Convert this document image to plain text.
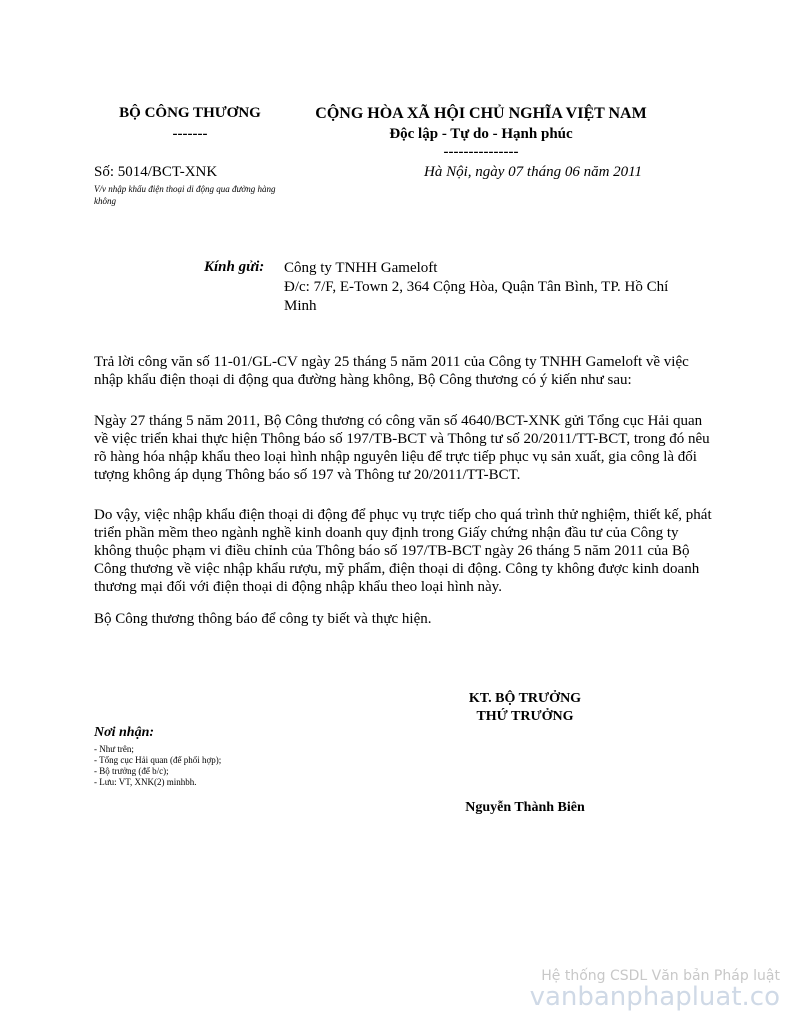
BỘ CÔNG THƯƠNG
-------
CỘNG HÒA XÃ HỘI CHỦ NGHĨA VIỆT NAM
Độc lập - Tự do - Hạnh phúc
---------------
Số: 5014/BCT-XNK
V/v nhập khẩu điện thoại di động qua đường hàng không
Hà Nội, ngày 07 tháng 06 năm 2011
Kính gửi: Công ty TNHH Gameloft
Đ/c: 7/F, E-Town 2, 364 Cộng Hòa, Quận Tân Bình, TP. Hồ Chí Minh
Trả lời công văn số 11-01/GL-CV ngày 25 tháng 5 năm 2011 của Công ty TNHH Gameloft về việc nhập khẩu điện thoại di động qua đường hàng không, Bộ Công thương có ý kiến như sau:
Ngày 27 tháng 5 năm 2011, Bộ Công thương có công văn số 4640/BCT-XNK gửi Tổng cục Hải quan về việc triển khai thực hiện Thông báo số 197/TB-BCT và Thông tư số 20/2011/TT-BCT, trong đó nêu rõ hàng hóa nhập khẩu theo loại hình nhập nguyên liệu để trực tiếp phục vụ sản xuất, gia công là đối tượng không áp dụng Thông báo số 197 và Thông tư 20/2011/TT-BCT.
Do vậy, việc nhập khẩu điện thoại di động để phục vụ trực tiếp cho quá trình thử nghiệm, thiết kế, phát triển phần mềm theo ngành nghề kinh doanh quy định trong Giấy chứng nhận đầu tư của Công ty không thuộc phạm vi điều chỉnh của Thông báo số 197/TB-BCT ngày 26 tháng 5 năm 2011 của Bộ Công thương về việc nhập khẩu rượu, mỹ phẩm, điện thoại di động. Công ty không được kinh doanh thương mại đối với điện thoại di động nhập khẩu theo loại hình này.
Bộ Công thương thông báo để công ty biết và thực hiện.
KT. BỘ TRƯỞNG
THỨ TRƯỞNG
Nguyễn Thành Biên
Nơi nhận:
- Như trên;
- Tổng cục Hải quan (để phối hợp);
- Bộ trưởng (để b/c);
- Lưu: VT, XNK(2) minhbh.
Hệ thống CSDL Văn bản Pháp luật
vanbanphapluat.co
